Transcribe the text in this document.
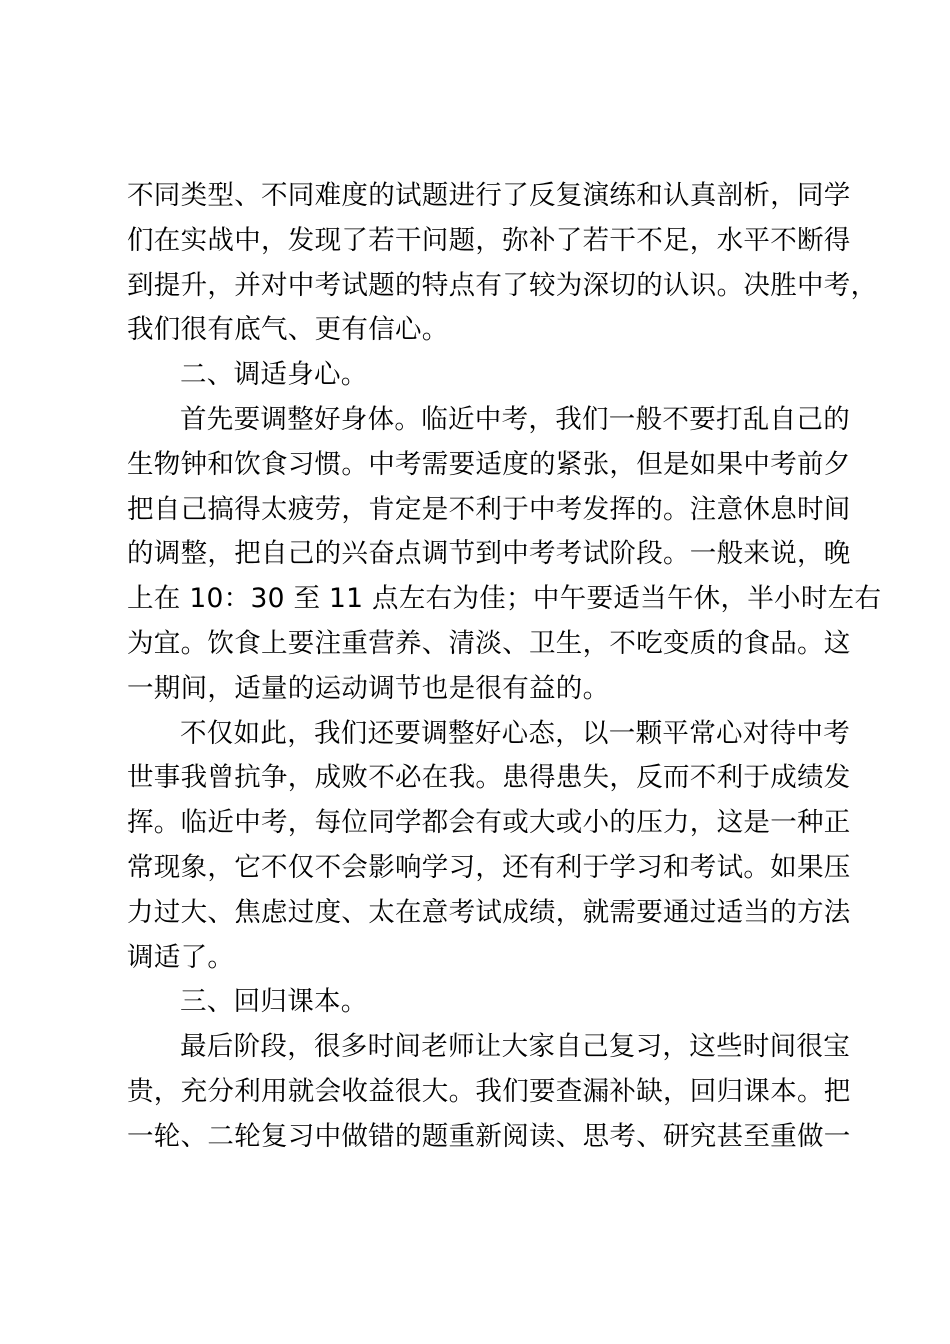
不同类型、不同难度的试题进行了反复演练和认真剖析，同学
们在实战中，发现了若干问题，弥补了若干不足，水平不断得
到提升，并对中考试题的特点有了较为深切的认识。决胜中考，
我们很有底气、更有信心。

二、调适身心。

首先要调整好身体。临近中考，我们一般不要打乱自己的
生物钟和饮食习惯。中考需要适度的紧张，但是如果中考前夕
把自己搞得太疲劳，肯定是不利于中考发挥的。注意休息时间
的调整，把自己的兴奋点调节到中考考试阶段。一般来说，晚
上在 10：30 至 11 点左右为佳；中午要适当午休，半小时左右
为宜。饮食上要注重营养、清淡、卫生，不吃变质的食品。这
一期间，适量的运动调节也是很有益的。

不仅如此，我们还要调整好心态，以一颗平常心对待中考
世事我曾抗争，成败不必在我。患得患失，反而不利于成绩发
挥。临近中考，每位同学都会有或大或小的压力，这是一种正
常现象，它不仅不会影响学习，还有利于学习和考试。如果压
力过大、焦虑过度、太在意考试成绩，就需要通过适当的方法
调适了。

三、回归课本。

最后阶段，很多时间老师让大家自己复习，这些时间很宝
贵，充分利用就会收益很大。我们要查漏补缺，回归课本。把
一轮、二轮复习中做错的题重新阅读、思考、研究甚至重做一
